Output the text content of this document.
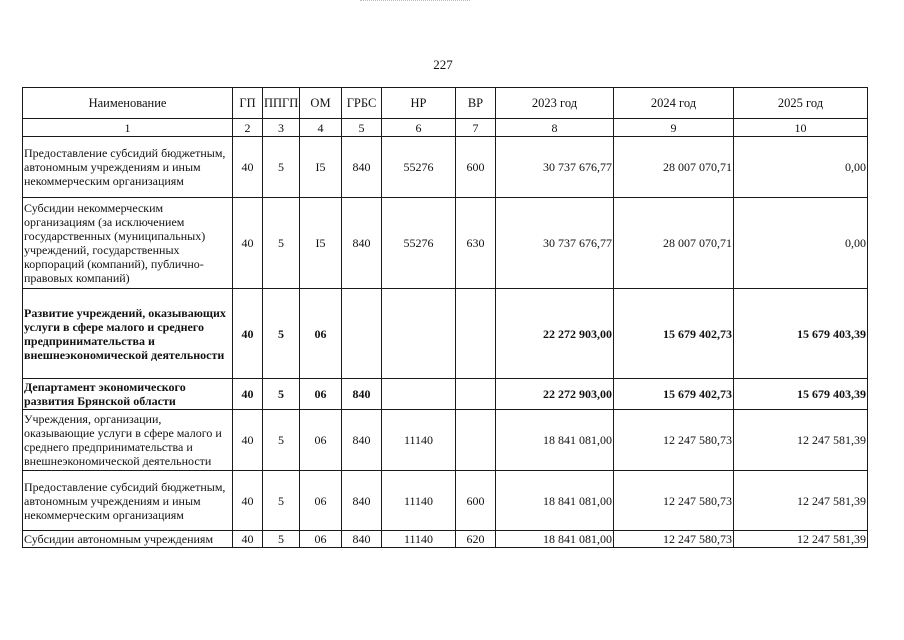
227
Наименование	ГП	ППГП	ОМ	ГРБС	НР	ВР	2023 год	2024 год	2025 год
1	2	3	4	5	6	7	8	9	10
Предоставление субсидий бюджетным, автономным учреждениям и иным некоммерческим организациям	40	5	I5	840	55276	600	30 737 676,77	28 007 070,71	0,00
Субсидии некоммерческим организациям (за исключением государственных (муниципальных) учреждений, государственных корпораций (компаний), публично-правовых компаний)	40	5	I5	840	55276	630	30 737 676,77	28 007 070,71	0,00
Развитие учреждений, оказывающих услуги в сфере малого и среднего предпринимательства и внешнеэкономической деятельности	40	5	06				22 272 903,00	15 679 402,73	15 679 403,39
Департамент экономического развития Брянской области	40	5	06	840			22 272 903,00	15 679 402,73	15 679 403,39
Учреждения, организации, оказывающие услуги в сфере малого и среднего предпринимательства и внешнеэкономической деятельности	40	5	06	840	11140		18 841 081,00	12 247 580,73	12 247 581,39
Предоставление субсидий бюджетным, автономным учреждениям и иным некоммерческим организациям	40	5	06	840	11140	600	18 841 081,00	12 247 580,73	12 247 581,39
Субсидии автономным учреждениям	40	5	06	840	11140	620	18 841 081,00	12 247 580,73	12 247 581,39
